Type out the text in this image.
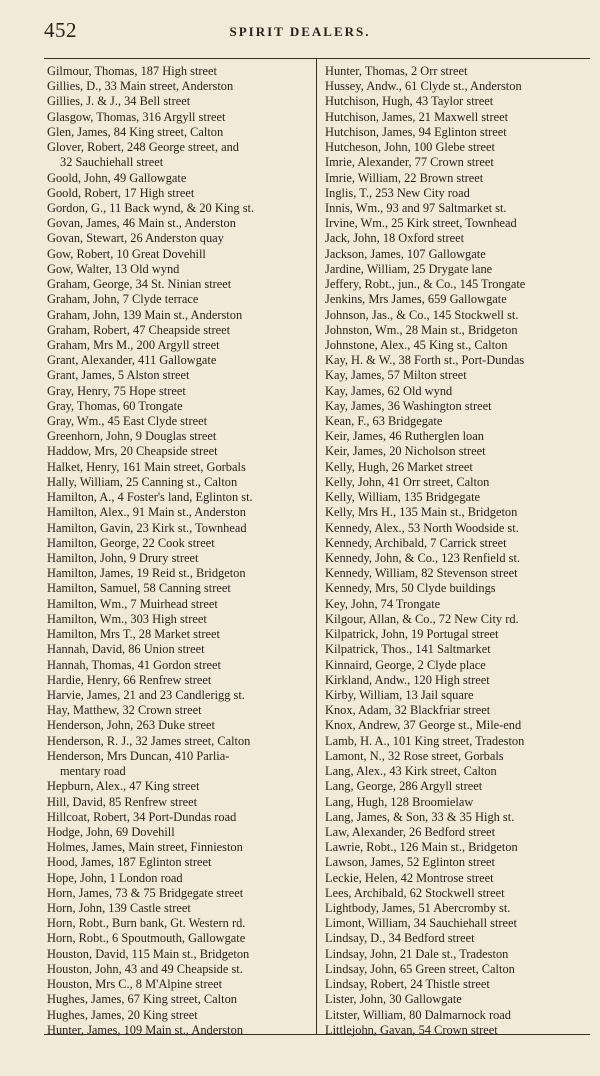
452	SPIRIT DEALERS.
Gilmour, Thomas, 187 High street
Gillies, D., 33 Main street, Anderston
Gillies, J. & J., 34 Bell street
Glasgow, Thomas, 316 Argyll street
Glen, James, 84 King street, Calton
Glover, Robert, 248 George street, and
32 Sauchiehall street
Goold, John, 49 Gallowgate
Goold, Robert, 17 High street
Gordon, G., 11 Back wynd, & 20 King st.
Govan, James, 46 Main st., Anderston
Govan, Stewart, 26 Anderston quay
Gow, Robert, 10 Great Dovehill
Gow, Walter, 13 Old wynd
Graham, George, 34 St. Ninian street
Graham, John, 7 Clyde terrace
Graham, John, 139 Main st., Anderston
Graham, Robert, 47 Cheapside street
Graham, Mrs M., 200 Argyll street
Grant, Alexander, 411 Gallowgate
Grant, James, 5 Alston street
Gray, Henry, 75 Hope street
Gray, Thomas, 60 Trongate
Gray, Wm., 45 East Clyde street
Greenhorn, John, 9 Douglas street
Haddow, Mrs, 20 Cheapside street
Halket, Henry, 161 Main street, Gorbals
Hally, William, 25 Canning st., Calton
Hamilton, A., 4 Foster's land, Eglinton st.
Hamilton, Alex., 91 Main st., Anderston
Hamilton, Gavin, 23 Kirk st., Townhead
Hamilton, George, 22 Cook street
Hamilton, John, 9 Drury street
Hamilton, James, 19 Reid st., Bridgeton
Hamilton, Samuel, 58 Canning street
Hamilton, Wm., 7 Muirhead street
Hamilton, Wm., 303 High street
Hamilton, Mrs T., 28 Market street
Hannah, David, 86 Union street
Hannah, Thomas, 41 Gordon street
Hardie, Henry, 66 Renfrew street
Harvie, James, 21 and 23 Candlerigg st.
Hay, Matthew, 32 Crown street
Henderson, John, 263 Duke street
Henderson, R. J., 32 James street, Calton
Henderson, Mrs Duncan, 410 Parlia-
mentary road
Hepburn, Alex., 47 King street
Hill, David, 85 Renfrew street
Hillcoat, Robert, 34 Port-Dundas road
Hodge, John, 69 Dovehill
Holmes, James, Main street, Finnieston
Hood, James, 187 Eglinton street
Hope, John, 1 London road
Horn, James, 73 & 75 Bridgegate street
Horn, John, 139 Castle street
Horn, Robt., Burn bank, Gt. Western rd.
Horn, Robt., 6 Spoutmouth, Gallowgate
Houston, David, 115 Main st., Bridgeton
Houston, John, 43 and 49 Cheapside st.
Houston, Mrs C., 8 M'Alpine street
Hughes, James, 67 King street, Calton
Hughes, James, 20 King street
Hunter, James, 109 Main st., Anderston
Hunter, Thomas, 2 Orr street
Hussey, Andw., 61 Clyde st., Anderston
Hutchison, Hugh, 43 Taylor street
Hutchison, James, 21 Maxwell street
Hutchison, James, 94 Eglinton street
Hutcheson, John, 100 Glebe street
Imrie, Alexander, 77 Crown street
Imrie, William, 22 Brown street
Inglis, T., 253 New City road
Innis, Wm., 93 and 97 Saltmarket st.
Irvine, Wm., 25 Kirk street, Townhead
Jack, John, 18 Oxford street
Jackson, James, 107 Gallowgate
Jardine, William, 25 Drygate lane
Jeffery, Robt., jun., & Co., 145 Trongate
Jenkins, Mrs James, 659 Gallowgate
Johnson, Jas., & Co., 145 Stockwell st.
Johnston, Wm., 28 Main st., Bridgeton
Johnstone, Alex., 45 King st., Calton
Kay, H. & W., 38 Forth st., Port-Dundas
Kay, James, 57 Milton street
Kay, James, 62 Old wynd
Kay, James, 36 Washington street
Kean, F., 63 Bridgegate
Keir, James, 46 Rutherglen loan
Keir, James, 20 Nicholson street
Kelly, Hugh, 26 Market street
Kelly, John, 41 Orr street, Calton
Kelly, William, 135 Bridgegate
Kelly, Mrs H., 135 Main st., Bridgeton
Kennedy, Alex., 53 North Woodside st.
Kennedy, Archibald, 7 Carrick street
Kennedy, John, & Co., 123 Renfield st.
Kennedy, William, 82 Stevenson street
Kennedy, Mrs, 50 Clyde buildings
Key, John, 74 Trongate
Kilgour, Allan, & Co., 72 New City rd.
Kilpatrick, John, 19 Portugal street
Kilpatrick, Thos., 141 Saltmarket
Kinnaird, George, 2 Clyde place
Kirkland, Andw., 120 High street
Kirby, William, 13 Jail square
Knox, Adam, 32 Blackfriar street
Knox, Andrew, 37 George st., Mile-end
Lamb, H. A., 101 King street, Tradeston
Lamont, N., 32 Rose street, Gorbals
Lang, Alex., 43 Kirk street, Calton
Lang, George, 286 Argyll street
Lang, Hugh, 128 Broomielaw
Lang, James, & Son, 33 & 35 High st.
Law, Alexander, 26 Bedford street
Lawrie, Robt., 126 Main st., Bridgeton
Lawson, James, 52 Eglinton street
Leckie, Helen, 42 Montrose street
Lees, Archibald, 62 Stockwell street
Lightbody, James, 51 Abercromby st.
Limont, William, 34 Sauchiehall street
Lindsay, D., 34 Bedford street
Lindsay, John, 21 Dale st., Tradeston
Lindsay, John, 65 Green street, Calton
Lindsay, Robert, 24 Thistle street
Lister, John, 30 Gallowgate
Litster, William, 80 Dalmarnock road
Littlejohn, Gavan, 54 Crown street
